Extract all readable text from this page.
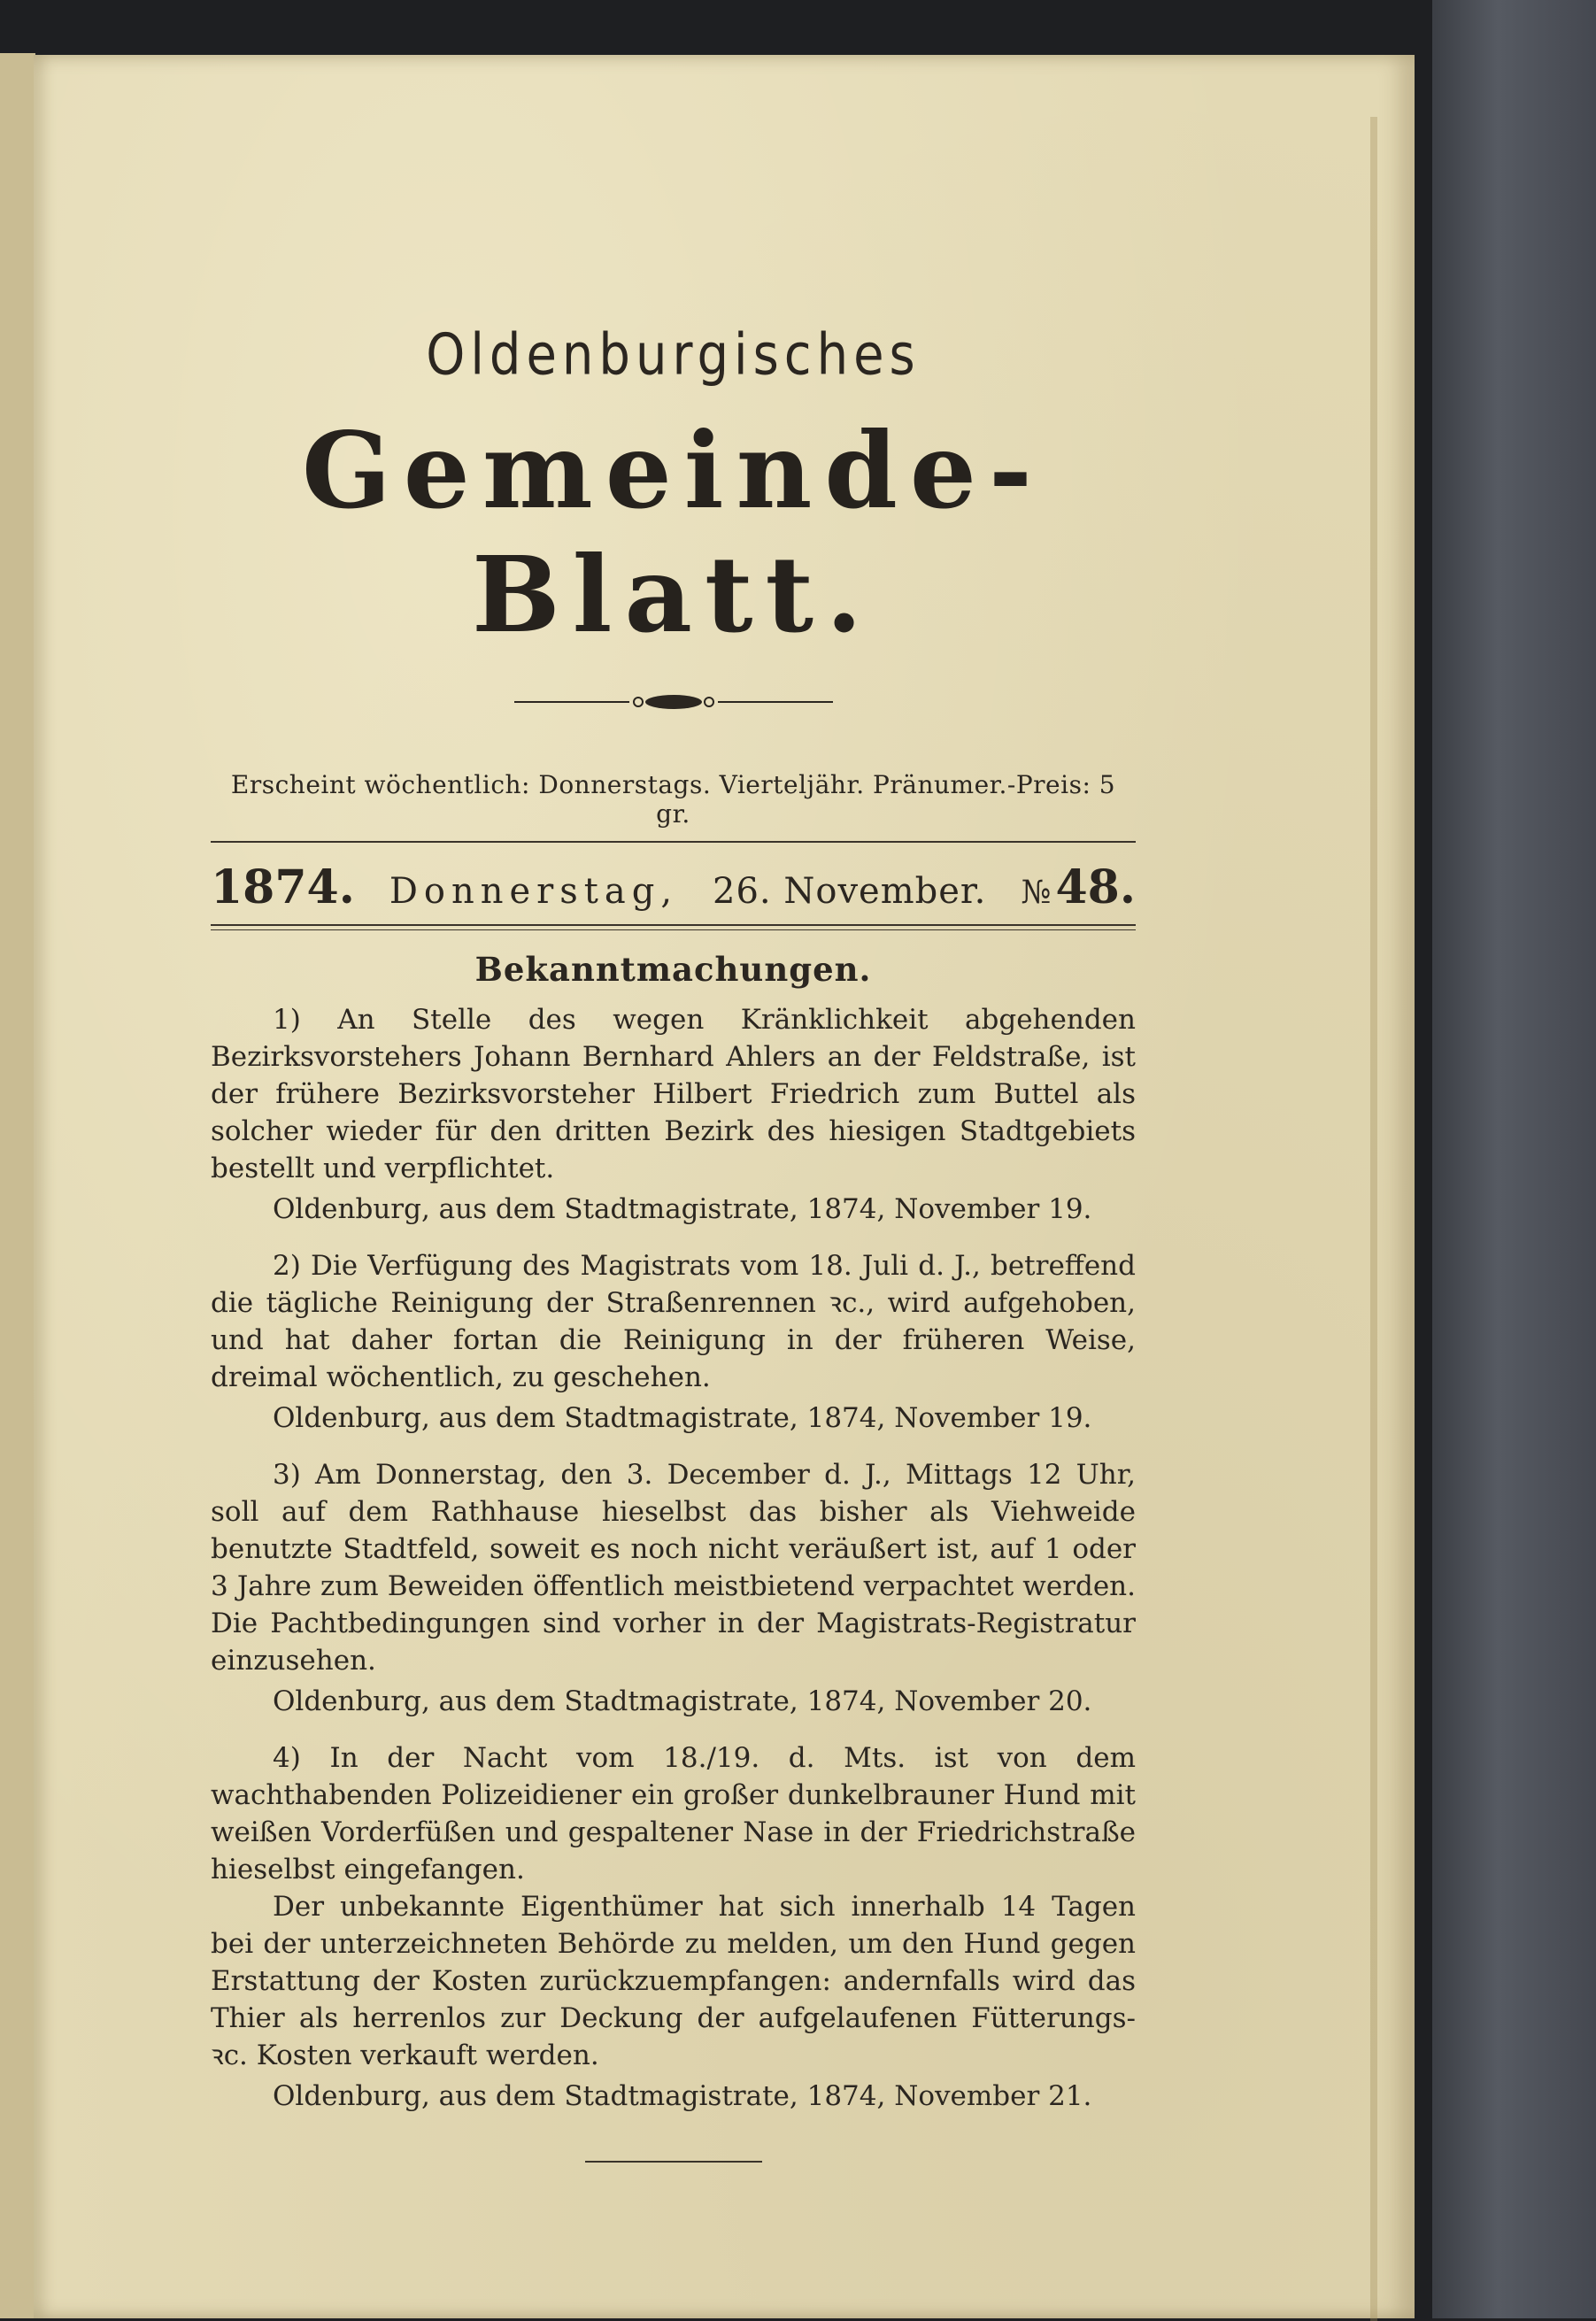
Oldenburgisches
Gemeinde-Blatt.
Erscheint wöchentlich: Donnerstags. Vierteljähr. Pränumer.-Preis: 5 gr.
1874. Donnerstag, 26. November. № 48.
Bekanntmachungen.

1) An Stelle des wegen Kränklichkeit abgehenden Bezirksvorstehers Johann Bernhard Ahlers an der Feldstraße, ist der frühere Bezirksvorsteher Hilbert Friedrich zum Buttel als solcher wieder für den dritten Bezirk des hiesigen Stadtgebiets bestellt und verpflichtet.

Oldenburg, aus dem Stadtmagistrate, 1874, November 19.

2) Die Verfügung des Magistrats vom 18. Juli d. J., betreffend die tägliche Reinigung der Straßenrennen ꝛc., wird aufgehoben, und hat daher fortan die Reinigung in der früheren Weise, dreimal wöchentlich, zu geschehen.

Oldenburg, aus dem Stadtmagistrate, 1874, November 19.

3) Am Donnerstag, den 3. December d. J., Mittags 12 Uhr, soll auf dem Rathhause hieselbst das bisher als Viehweide benutzte Stadtfeld, soweit es noch nicht veräußert ist, auf 1 oder 3 Jahre zum Beweiden öffentlich meistbietend verpachtet werden. Die Pachtbedingungen sind vorher in der Magistrats-Registratur einzusehen.

Oldenburg, aus dem Stadtmagistrate, 1874, November 20.

4) In der Nacht vom 18./19. d. Mts. ist von dem wachthabenden Polizeidiener ein großer dunkelbrauner Hund mit weißen Vorderfüßen und gespaltener Nase in der Friedrichstraße hieselbst eingefangen.

Der unbekannte Eigenthümer hat sich innerhalb 14 Tagen bei der unterzeichneten Behörde zu melden, um den Hund gegen Erstattung der Kosten zurückzuempfangen: andernfalls wird das Thier als herrenlos zur Deckung der aufgelaufenen Fütterungs- ꝛc. Kosten verkauft werden.

Oldenburg, aus dem Stadtmagistrate, 1874, November 21.
